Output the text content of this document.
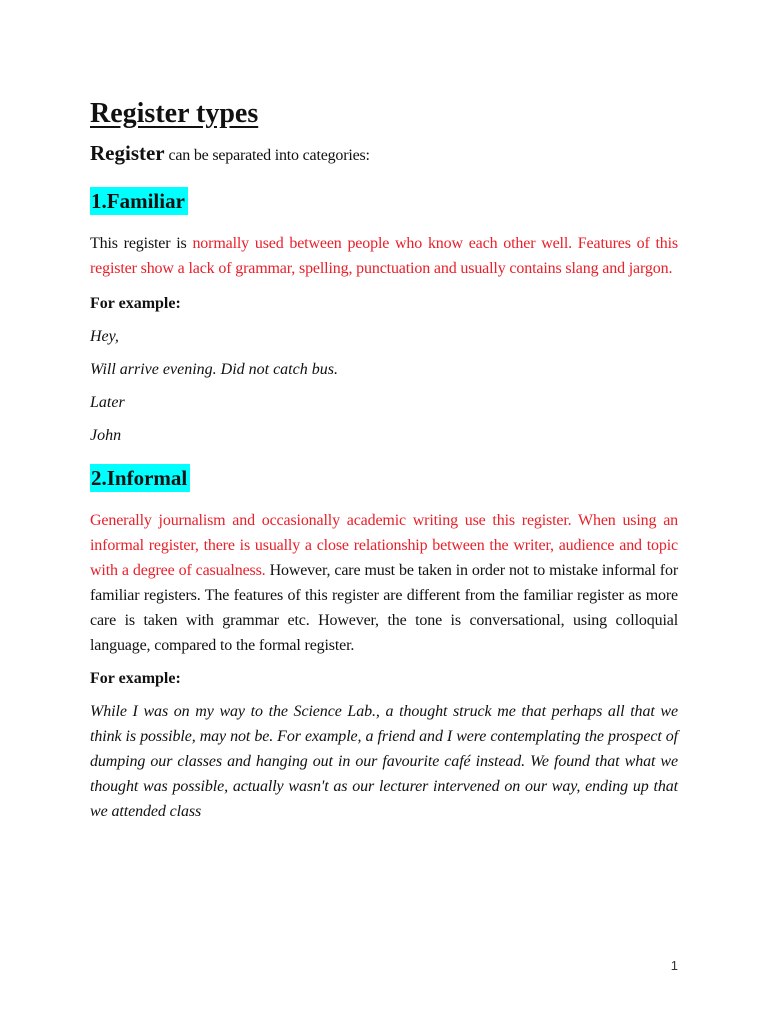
Register types

Register can be separated into categories:

1.Familiar

This register is normally used between people who know each other well. Features of this register show a lack of grammar, spelling, punctuation and usually contains slang and jargon.

For example:

Hey,

Will arrive evening. Did not catch bus.

Later

John

2.Informal

Generally journalism and occasionally academic writing use this register. When using an informal register, there is usually a close relationship between the writer, audience and topic with a degree of casualness. However, care must be taken in order not to mistake informal for familiar registers. The features of this register are different from the familiar register as more care is taken with grammar etc. However, the tone is conversational, using colloquial language, compared to the formal register.

For example:

While I was on my way to the Science Lab., a thought struck me that perhaps all that we think is possible, may not be. For example, a friend and I were contemplating the prospect of dumping our classes and hanging out in our favourite café instead. We found that what we thought was possible, actually wasn't as our lecturer intervened on our way, ending up that we attended class

1
